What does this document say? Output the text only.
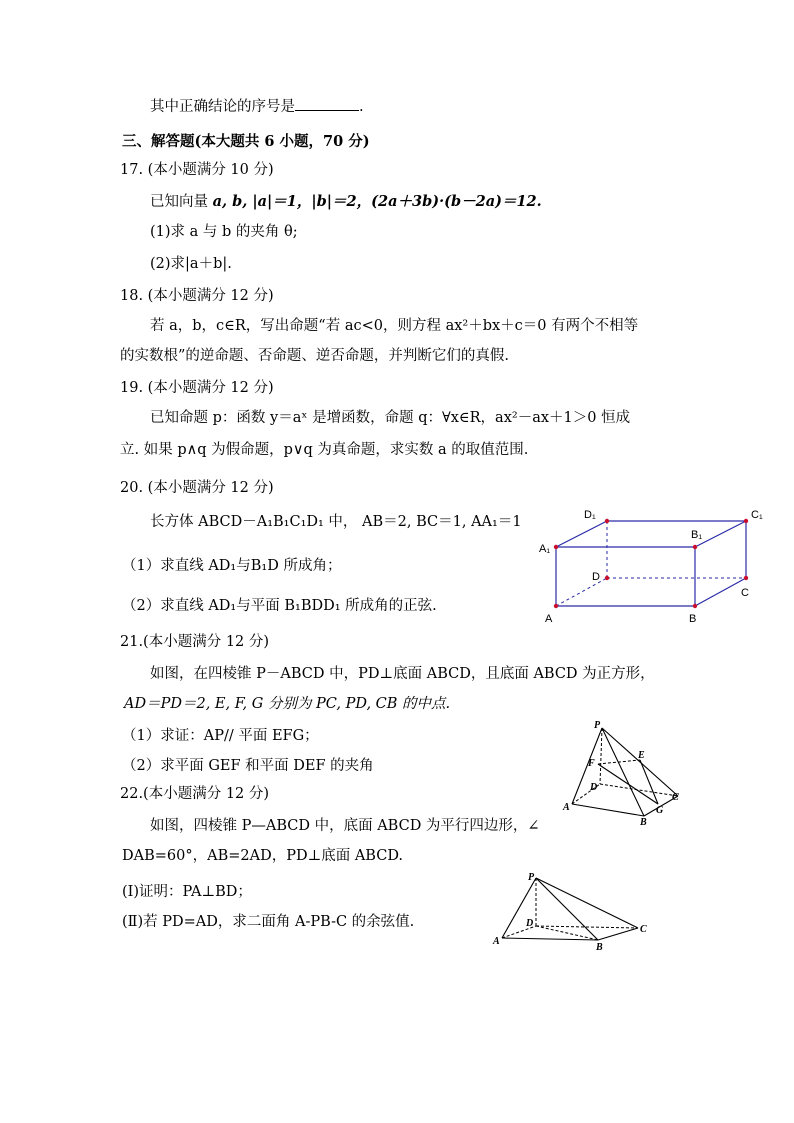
其中正确结论的序号是	.
三、解答题(本大题共 6 小题，70 分)
17. (本小题满分 10 分)
已知向量 a, b, |a|＝1，|b|＝2，(2a＋3b)·(b－2a)＝12.
(1)求 a 与 b 的夹角 θ;
(2)求|a＋b|.
18. (本小题满分 12 分)
若 a，b，c∈R，写出命题“若 ac<0，则方程 ax²＋bx＋c＝0 有两个不相等
的实数根”的逆命题、否命题、逆否命题，并判断它们的真假.
19. (本小题满分 12 分)
已知命题 p：函数 y＝aˣ 是增函数，命题 q：∀x∈R，ax²－ax＋1＞0 恒成
立. 如果 p∧q 为假命题，p∨q 为真命题，求实数 a 的取值范围.
20. (本小题满分 12 分)
长方体 ABCD－A₁B₁C₁D₁ 中， AB＝2, BC＝1, AA₁＝1
（1）求直线 AD₁与B₁D 所成角；
（2）求直线 AD₁与平面 B₁BDD₁ 所成角的正弦.
D₁	C₁
A₁
B₁
D
C
A	B
21.(本小题满分 12 分)
如图，在四棱锥 P－ABCD 中，PD⊥底面 ABCD，且底面 ABCD 为正方形，
AD＝PD＝2, E, F, G 分别为 PC, PD, CB 的中点.
（1）求证：AP// 平面 EFG；
（2）求平面 GEF 和平面 DEF 的夹角
P
E
F
D
A
B
G
C
22.(本小题满分 12 分)
如图，四棱锥 P—ABCD 中，底面 ABCD 为平行四边形，∠
DAB=60°，AB=2AD，PD⊥底面 ABCD.
(Ⅰ)证明：PA⊥BD；
(Ⅱ)若 PD=AD，求二面角 A-PB-C 的余弦值.
P
D
A
B
C
